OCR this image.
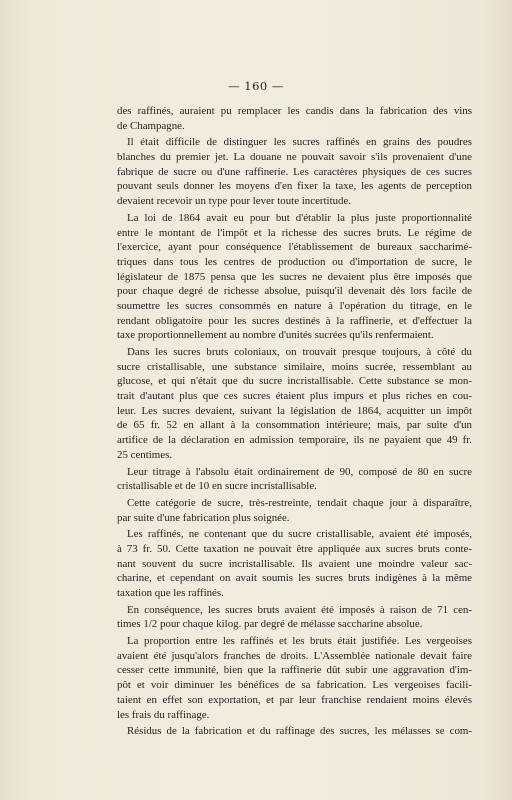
— 160 —
des raffinés, auraient pu remplacer les candis dans la fabrication des vins
de Champagne.
Il était difficile de distinguer les sucres raffinés en grains des poudres
blanches du premier jet. La douane ne pouvait savoir s'ils provenaient d'une
fabrique de sucre ou d'une raffinerie. Les caractères physiques de ces sucres
pouvant seuls donner les moyens d'en fixer la taxe, les agents de perception
devaient recevoir un type pour lever toute incertitude.
La loi de 1864 avait eu pour but d'établir la plus juste proportionnalité
entre le montant de l'impôt et la richesse des sucres bruts. Le régime de
l'exercice, ayant pour conséquence l'établissement de bureaux saccharimé-
triques dans tous les centres de production ou d'importation de sucre, le
législateur de 1875 pensa que les sucres ne devaient plus être imposés que
pour chaque degré de richesse absolue, puisqu'il devenait dès lors facile de
soumettre les sucres consommés en nature à l'opération du titrage, en le
rendant obligatoire pour les sucres destinés à la raffinerie, et d'effectuer la
taxe proportionnellement au nombre d'unités sucrées qu'ils renfermaient.
Dans les sucres bruts coloniaux, on trouvait presque toujours, à côté du
sucre cristallisable, une substance similaire, moins sucrée, ressemblant au
glucose, et qui n'était que du sucre incristallisable. Cette substance se mon-
trait d'autant plus que ces sucres étaient plus impurs et plus riches en cou-
leur. Les sucres devaient, suivant la législation de 1864, acquitter un impôt
de 65 fr. 52 en allant à la consommation intérieure; mais, par suite d'un
artifice de la déclaration en admission temporaire, ils ne payaient que 49 fr.
25 centimes.
Leur titrage à l'absolu était ordinairement de 90, composé de 80 en sucre
cristallisable et de 10 en sucre incristallisable.
Cette catégorie de sucre, très-restreinte, tendait chaque jour à disparaître,
par suite d'une fabrication plus soignée.
Les raffinés, ne contenant que du sucre cristallisable, avaient été imposés,
à 73 fr. 50. Cette taxation ne pouvait être appliquée aux sucres bruts conte-
nant souvent du sucre incristallisable. Ils avaient une moindre valeur sac-
charine, et cependant on avait soumis les sucres bruts indigènes à la même
taxation que les raffinés.
En conséquence, les sucres bruts avaient été imposés à raison de 71 cen-
times 1/2 pour chaque kilog. par degré de mélasse saccharine absolue.
La proportion entre les raffinés et les bruts était justifiée. Les vergeoises
avaient été jusqu'alors franches de droits. L'Assemblée nationale devait faire
cesser cette immunité, bien que la raffinerie dût subir une aggravation d'im-
pôt et voir diminuer les bénéfices de sa fabrication. Les vergeoises facili-
taient en effet son exportation, et par leur franchise rendaient moins élevés
les frais du raffinage.
Résidus de la fabrication et du raffinage des sucres, les mélasses se com-
